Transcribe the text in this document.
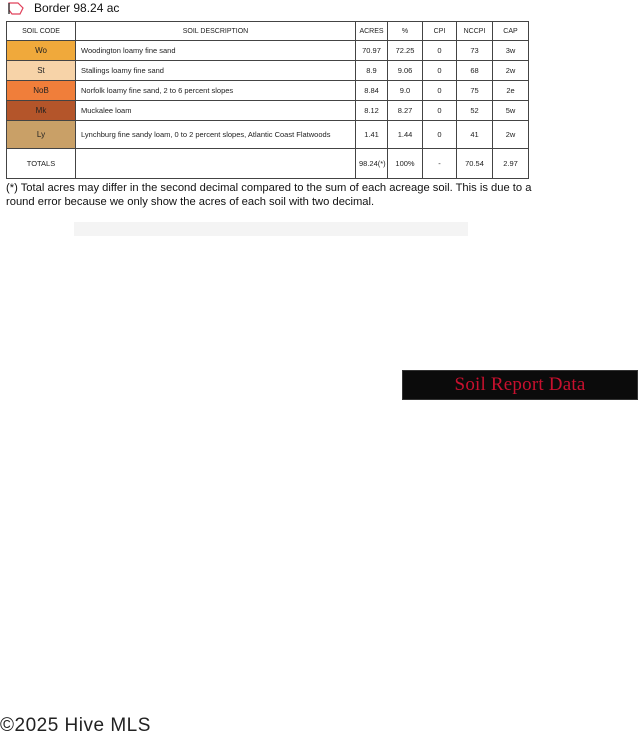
Border 98.24 ac
SOIL CODE	SOIL DESCRIPTION	ACRES	%	CPI	NCCPI	CAP
Wo	Woodington loamy fine sand	70.97	72.25	0	73	3w
St	Stallings loamy fine sand	8.9	9.06	0	68	2w
NoB	Norfolk loamy fine sand, 2 to 6 percent slopes	8.84	9.0	0	75	2e
Mk	Muckalee loam	8.12	8.27	0	52	5w
Ly	Lynchburg fine sandy loam, 0 to 2 percent slopes, Atlantic Coast Flatwoods	1.41	1.44	0	41	2w
TOTALS		98.24(*)	100%	-	70.54	2.97
(*) Total acres may differ in the second decimal compared to the sum of each acreage soil. This is due to a round error because we only show the acres of each soil with two decimal.
Soil Report Data
©2025 Hive MLS
